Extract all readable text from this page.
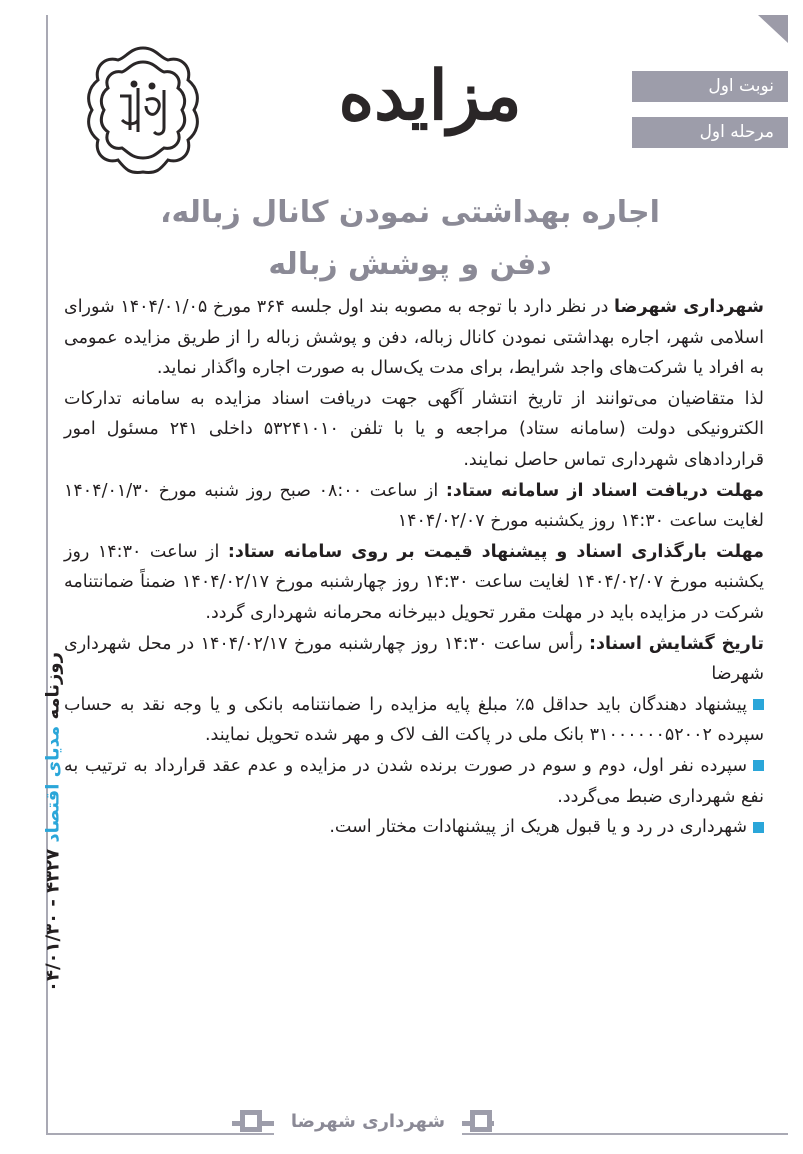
نوبت اول
مرحله اول
مزایده
اجاره بهداشتی نمودن کانال زباله،
دفن و پوشش زباله

شهرداری شهرضا در نظر دارد با توجه به مصوبه بند اول جلسه ۳۶۴ مورخ ۱۴۰۴/۰۱/۰۵ شورای اسلامی شهر، اجاره بهداشتی نمودن کانال زباله، دفن و پوشش زباله را از طریق مزایده عمومی به افراد یا شرکت‌های واجد شرایط، برای مدت یک‌سال به صورت اجاره واگذار نماید.

لذا متقاضیان می‌توانند از تاریخ انتشار آگهی جهت دریافت اسناد مزایده به سامانه تدارکات الکترونیکی دولت (سامانه ستاد) مراجعه و یا با تلفن ۵۳۲۴۱۰۱۰ داخلی ۲۴۱ مسئول امور قراردادهای شهرداری تماس حاصل نمایند.

مهلت دریافت اسناد از سامانه ستاد: از ساعت ۰۸:۰۰ صبح روز شنبه مورخ ۱۴۰۴/۰۱/۳۰ لغایت ساعت ۱۴:۳۰ روز یکشنبه مورخ ۱۴۰۴/۰۲/۰۷

مهلت بارگذاری اسناد و پیشنهاد قیمت بر روی سامانه ستاد: از ساعت ۱۴:۳۰ روز یکشنبه مورخ ۱۴۰۴/۰۲/۰۷ لغایت ساعت ۱۴:۳۰ روز چهارشنبه مورخ ۱۴۰۴/۰۲/۱۷ ضمناً ضمانتنامه شرکت در مزایده باید در مهلت مقرر تحویل دبیرخانه محرمانه شهرداری گردد.

تاریخ گشایش اسناد: رأس ساعت ۱۴:۳۰ روز چهارشنبه مورخ ۱۴۰۴/۰۲/۱۷ در محل شهرداری شهرضا

پیشنهاد دهندگان باید حداقل ۵٪ مبلغ پایه مزایده را ضمانتنامه بانکی و یا وجه نقد به حساب سپرده ۳۱۰۰۰۰۰۰۵۲۰۰۲ بانک ملی در پاکت الف لاک و مهر شده تحویل نمایند.

سپرده نفر اول، دوم و سوم در صورت برنده شدن در مزایده و عدم عقد قرارداد به ترتیب به نفع شهرداری ضبط می‌گردد.

شهرداری در رد و یا قبول هریک از پیشنهادات مختار است.

روزنامه مدیای اقتصاد ۴۳۲۷ - ۰۴/۰۱/۳۰
شهرداری شهرضا
